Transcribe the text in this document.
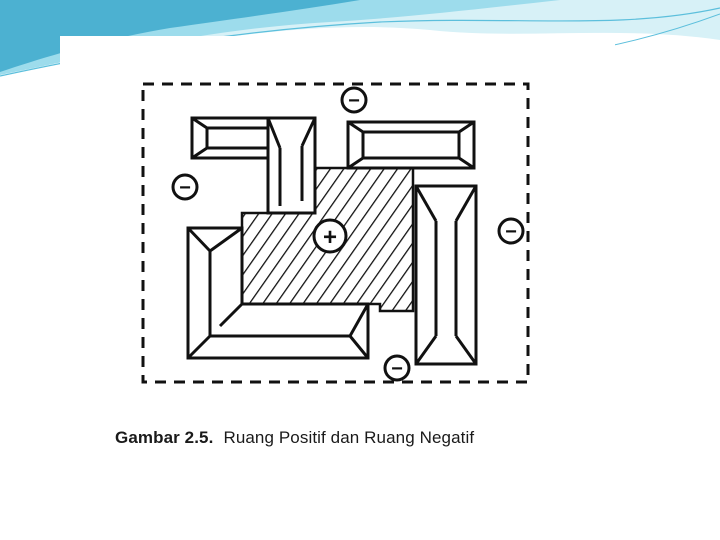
+
−
−
−
−
Gambar 2.5. Ruang Positif dan Ruang Negatif
